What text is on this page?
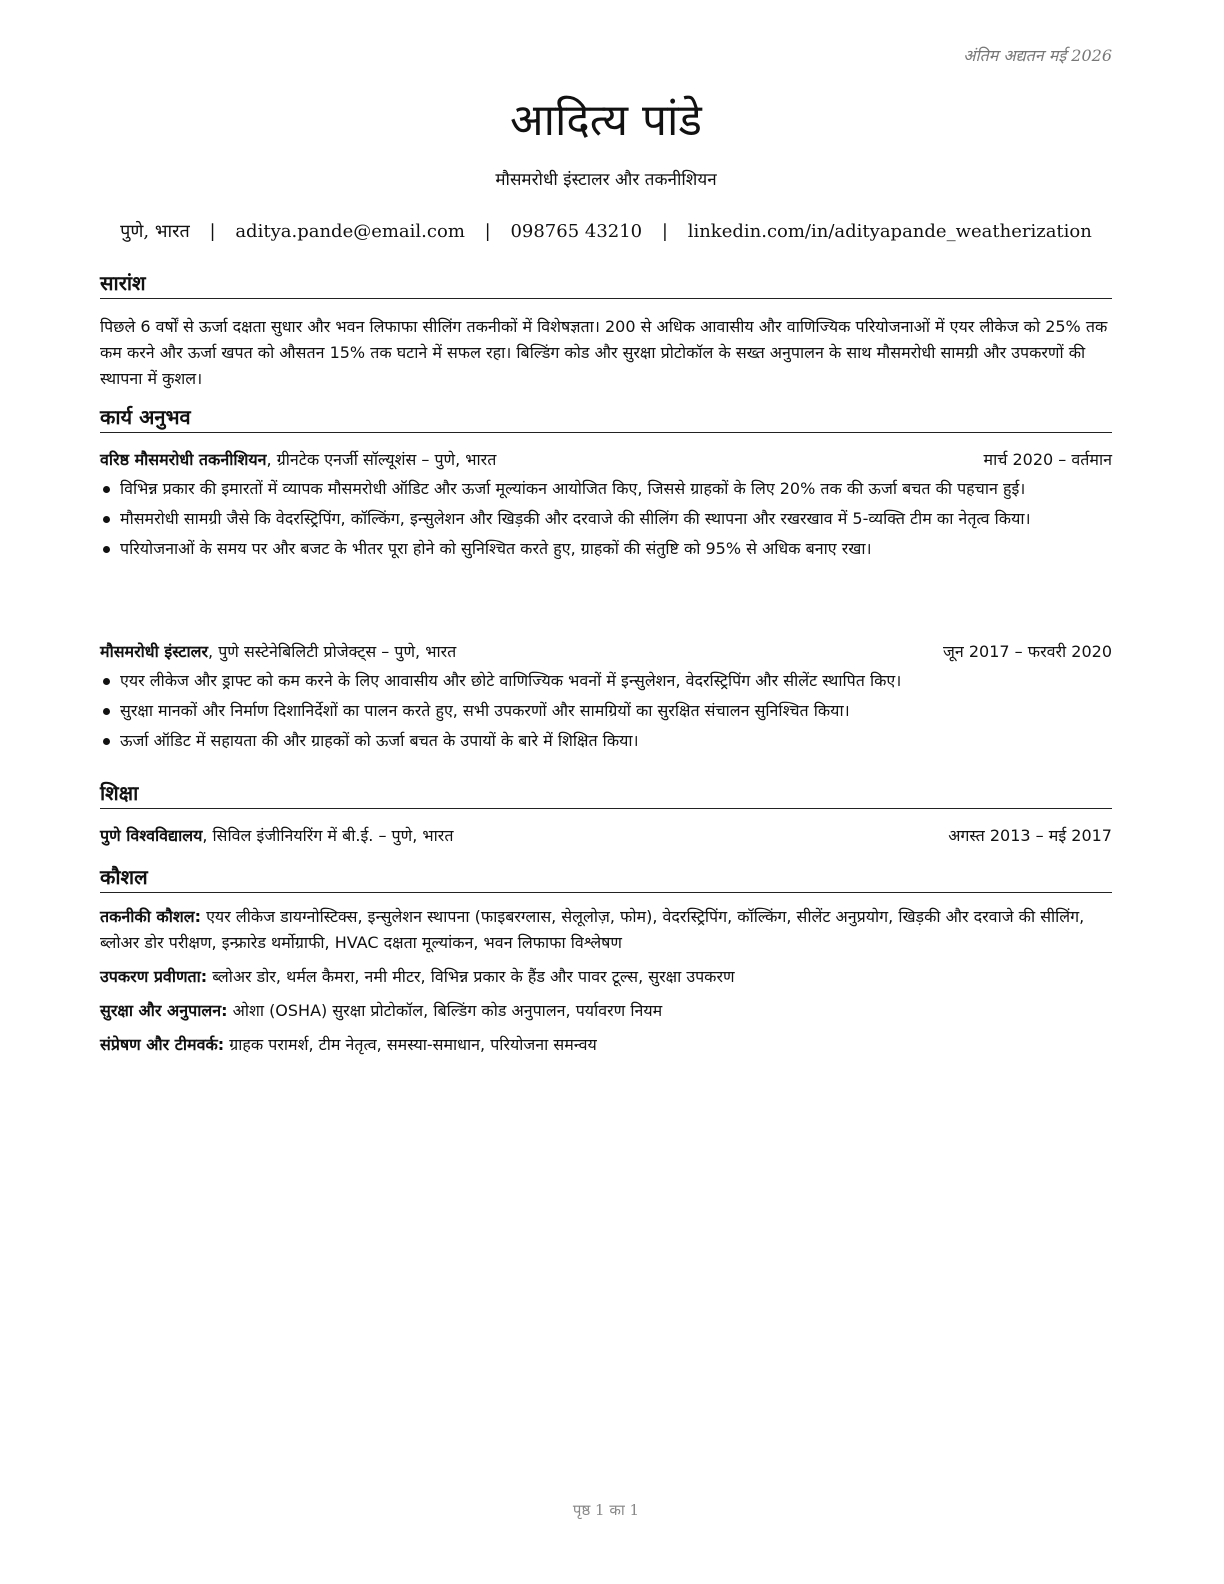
अंतिम अद्यतन मई 2026
आदित्य पांडे
मौसमरोधी इंस्टालर और तकनीशियन
पुणे, भारत | aditya.pande@email.com | 098765 43210 | linkedin.com/in/adityapande_weatherization
सारांश

पिछले 6 वर्षों से ऊर्जा दक्षता सुधार और भवन लिफाफा सीलिंग तकनीकों में विशेषज्ञता। 200 से अधिक आवासीय और वाणिज्यिक परियोजनाओं में एयर लीकेज को 25% तक कम करने और ऊर्जा खपत को औसतन 15% तक घटाने में सफल रहा। बिल्डिंग कोड और सुरक्षा प्रोटोकॉल के सख्त अनुपालन के साथ मौसमरोधी सामग्री और उपकरणों की स्थापना में कुशल।

कार्य अनुभव
वरिष्ठ मौसमरोधी तकनीशियन, ग्रीनटेक एनर्जी सॉल्यूशंस – पुणे, भारत	मार्च 2020 – वर्तमान
विभिन्न प्रकार की इमारतों में व्यापक मौसमरोधी ऑडिट और ऊर्जा मूल्यांकन आयोजित किए, जिससे ग्राहकों के लिए 20% तक की ऊर्जा बचत की पहचान हुई।
मौसमरोधी सामग्री जैसे कि वेदरस्ट्रिपिंग, कॉल्किंग, इन्सुलेशन और खिड़की और दरवाजे की सीलिंग की स्थापना और रखरखाव में 5-व्यक्ति टीम का नेतृत्व किया।
परियोजनाओं के समय पर और बजट के भीतर पूरा होने को सुनिश्चित करते हुए, ग्राहकों की संतुष्टि को 95% से अधिक बनाए रखा।
मौसमरोधी इंस्टालर, पुणे सस्टेनेबिलिटी प्रोजेक्ट्स – पुणे, भारत	जून 2017 – फरवरी 2020
एयर लीकेज और ड्राफ्ट को कम करने के लिए आवासीय और छोटे वाणिज्यिक भवनों में इन्सुलेशन, वेदरस्ट्रिपिंग और सीलेंट स्थापित किए।
सुरक्षा मानकों और निर्माण दिशानिर्देशों का पालन करते हुए, सभी उपकरणों और सामग्रियों का सुरक्षित संचालन सुनिश्चित किया।
ऊर्जा ऑडिट में सहायता की और ग्राहकों को ऊर्जा बचत के उपायों के बारे में शिक्षित किया।
शिक्षा
पुणे विश्वविद्यालय, सिविल इंजीनियरिंग में बी.ई. – पुणे, भारत	अगस्त 2013 – मई 2017
कौशल

तकनीकी कौशल: एयर लीकेज डायग्नोस्टिक्स, इन्सुलेशन स्थापना (फाइबरग्लास, सेलूलोज़, फोम), वेदरस्ट्रिपिंग, कॉल्किंग, सीलेंट अनुप्रयोग, खिड़की और दरवाजे की सीलिंग, ब्लोअर डोर परीक्षण, इन्फ्रारेड थर्मोग्राफी, HVAC दक्षता मूल्यांकन, भवन लिफाफा विश्लेषण

उपकरण प्रवीणता: ब्लोअर डोर, थर्मल कैमरा, नमी मीटर, विभिन्न प्रकार के हैंड और पावर टूल्स, सुरक्षा उपकरण

सुरक्षा और अनुपालन: ओशा (OSHA) सुरक्षा प्रोटोकॉल, बिल्डिंग कोड अनुपालन, पर्यावरण नियम

संप्रेषण और टीमवर्क: ग्राहक परामर्श, टीम नेतृत्व, समस्या-समाधान, परियोजना समन्वय

पृष्ठ 1 का 1
